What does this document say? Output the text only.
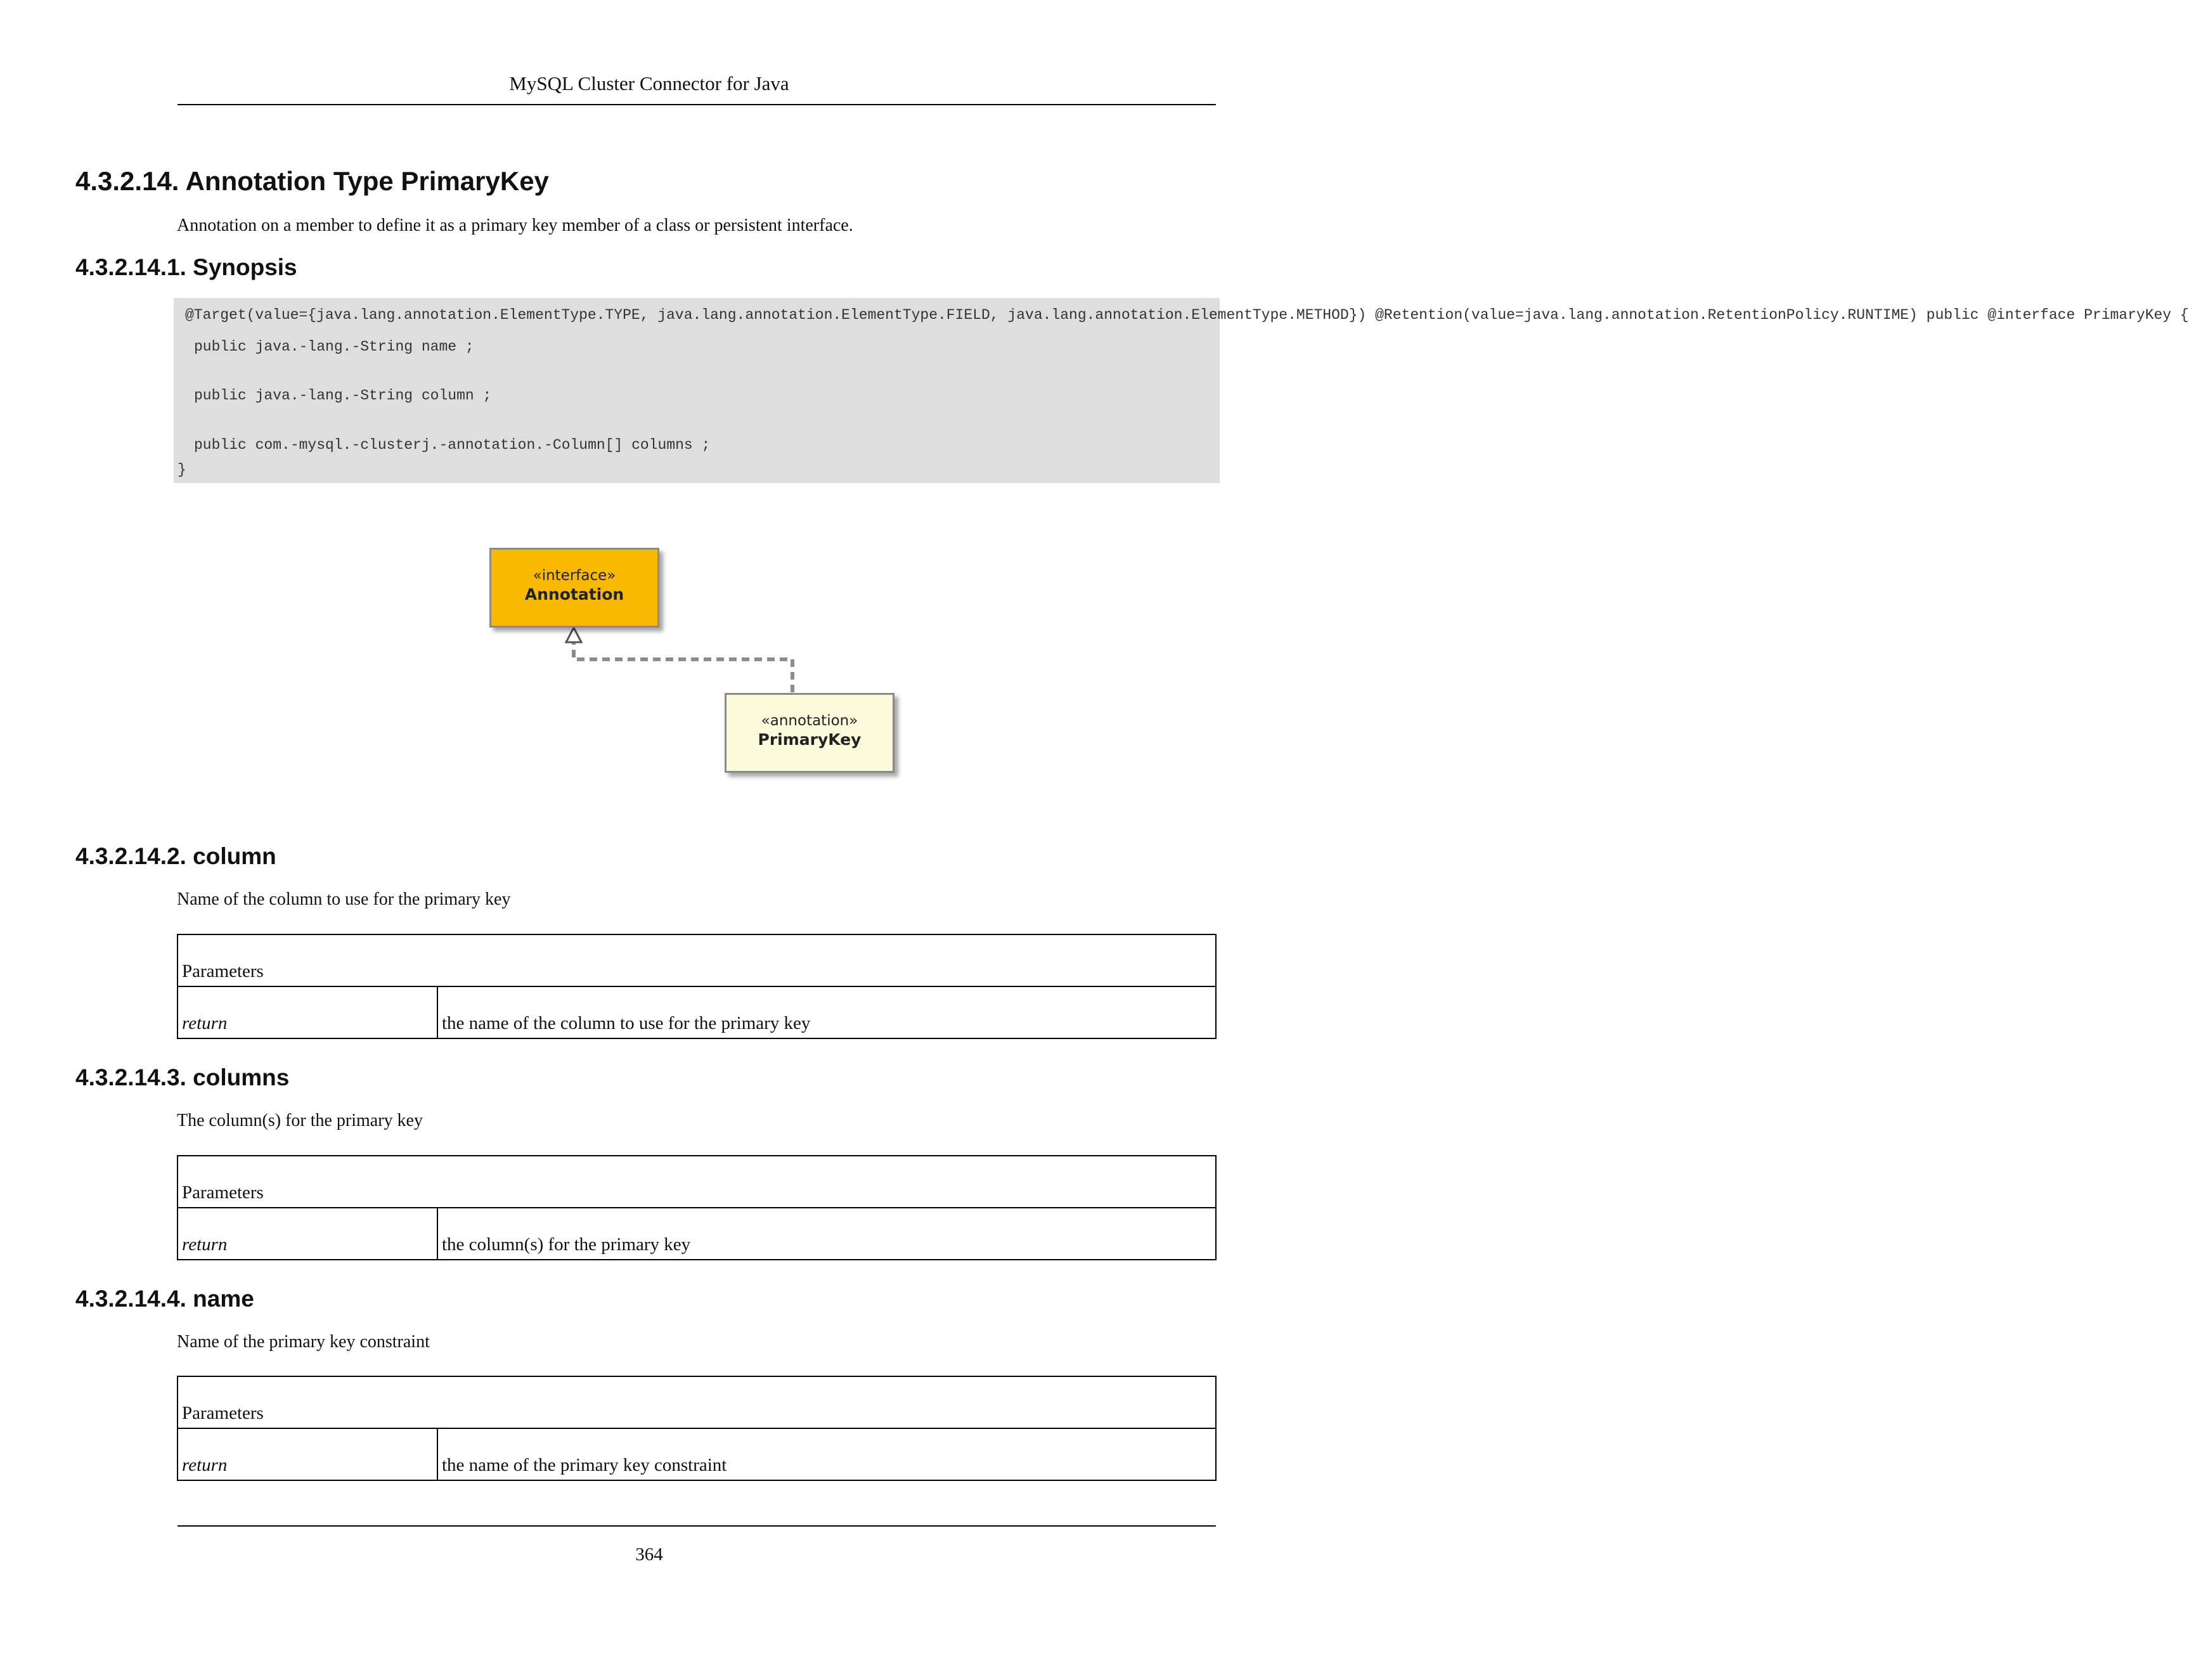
MySQL Cluster Connector for Java
4.3.2.14. Annotation Type PrimaryKey
Annotation on a member to define it as a primary key member of a class or persistent interface.
4.3.2.14.1. Synopsis
@Target(value={java.lang.annotation.ElementType.TYPE, java.lang.annotation.ElementType.FIELD, java.lang.annotation.ElementType.METHOD}) @Retention(value=java.lang.annotation.RetentionPolicy.RUNTIME) public @interface PrimaryKey {
public java.-lang.-String name ;
public java.-lang.-String column ;
public com.-mysql.-clusterj.-annotation.-Column[] columns ;
}
«interface»
Annotation
«annotation»
PrimaryKey
4.3.2.14.2. column
Name of the column to use for the primary key
Parameters
return	the name of the column to use for the primary key
4.3.2.14.3. columns
The column(s) for the primary key
Parameters
return	the column(s) for the primary key
4.3.2.14.4. name
Name of the primary key constraint
Parameters
return	the name of the primary key constraint
364
